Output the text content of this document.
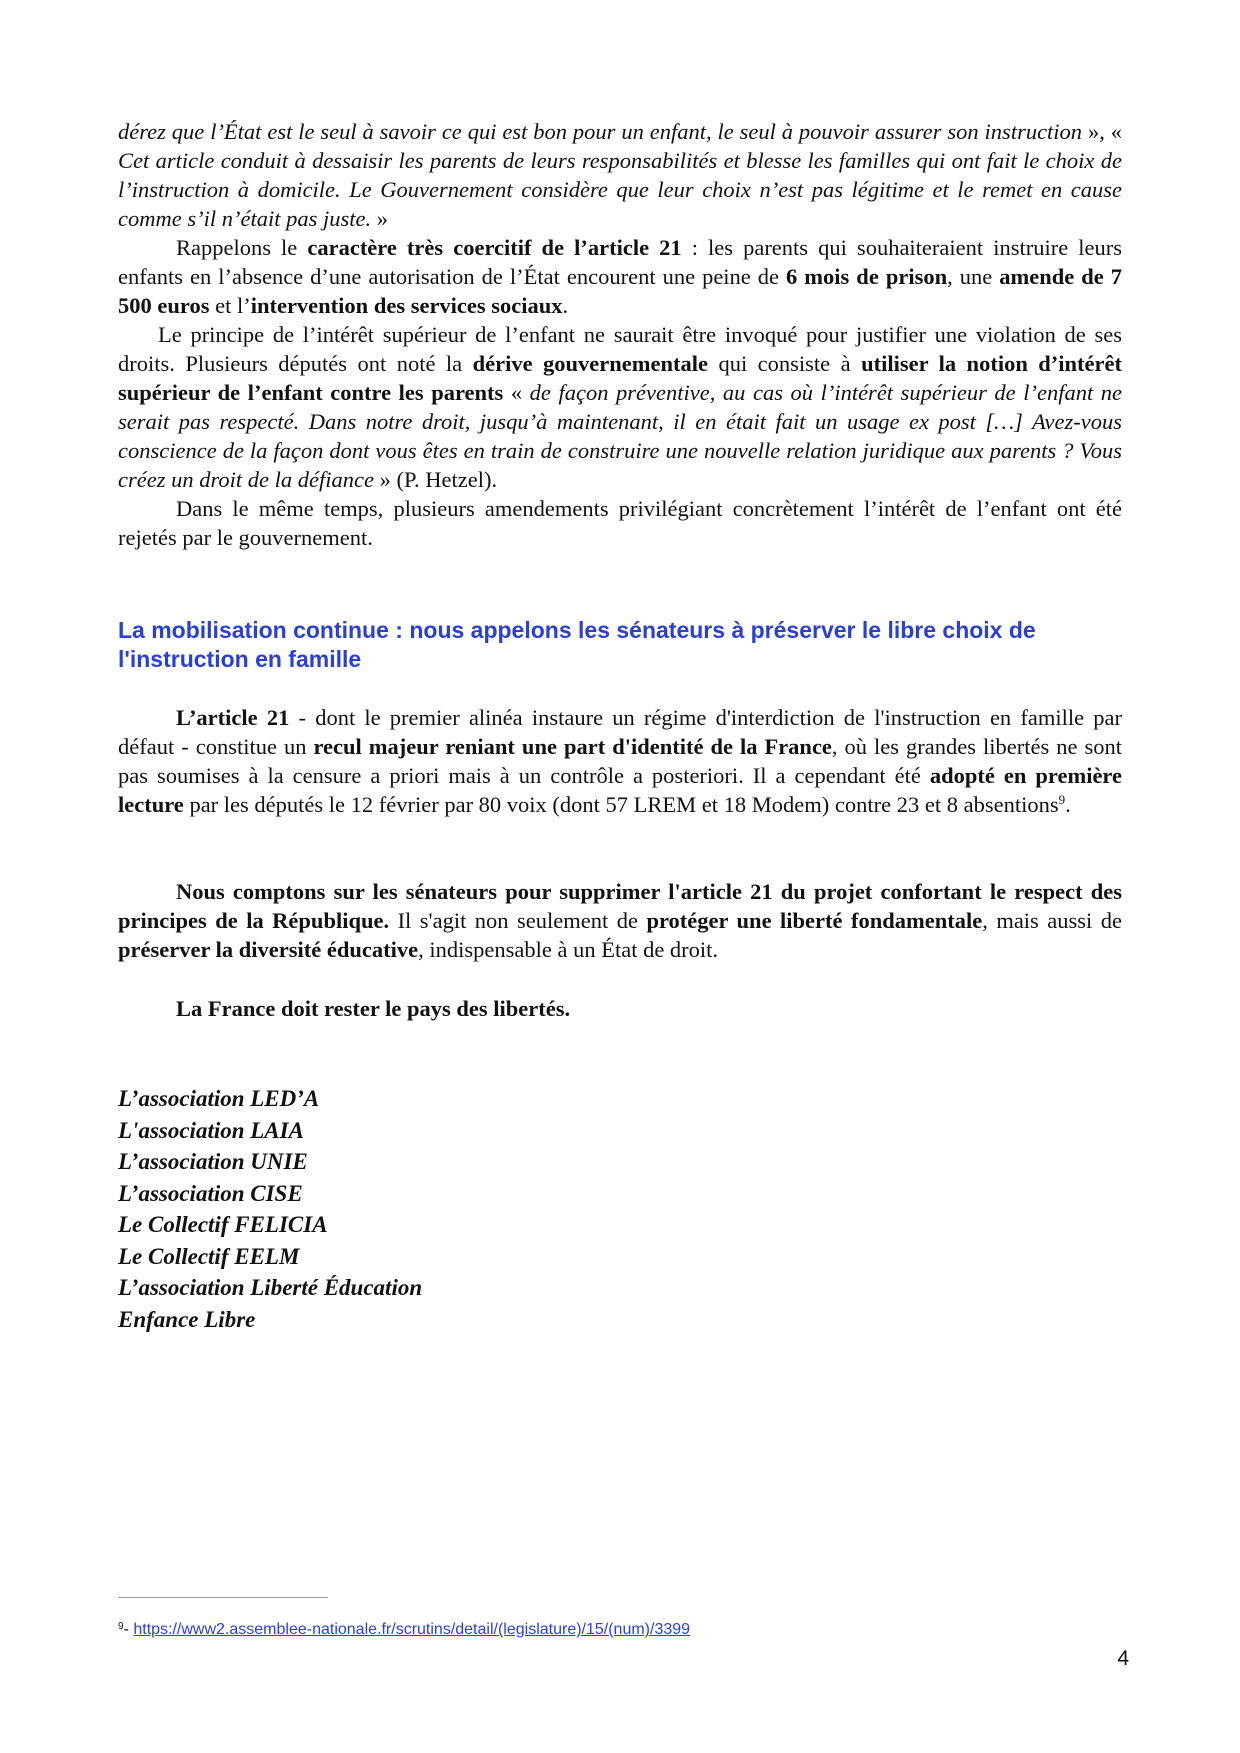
dérez que l’État est le seul à savoir ce qui est bon pour un enfant, le seul à pouvoir assurer son instruction », « Cet article conduit à dessaisir les parents de leurs responsabilités et blesse les familles qui ont fait le choix de l’instruction à domicile. Le Gouvernement considère que leur choix n’est pas légitime et le remet en cause comme s’il n’était pas juste. »

Rappelons le caractère très coercitif de l’article 21 : les parents qui souhaiteraient instruire leurs enfants en l’absence d’une autorisation de l’État encourent une peine de 6 mois de prison, une amende de 7 500 euros et l’intervention des services sociaux.

Le principe de l’intérêt supérieur de l’enfant ne saurait être invoqué pour justifier une violation de ses droits. Plusieurs députés ont noté la dérive gouvernementale qui consiste à utiliser la notion d’intérêt supérieur de l’enfant contre les parents « de façon préventive, au cas où l’intérêt supérieur de l’enfant ne serait pas respecté. Dans notre droit, jusqu’à maintenant, il en était fait un usage ex post […] Avez-vous conscience de la façon dont vous êtes en train de construire une nouvelle relation juridique aux parents ? Vous créez un droit de la défiance » (P. Hetzel).

Dans le même temps, plusieurs amendements privilégiant concrètement l’intérêt de l’enfant ont été rejetés par le gouvernement.

La mobilisation continue : nous appelons les sénateurs à préserver le libre choix de l'instruction en famille

L’article 21 - dont le premier alinéa instaure un régime d'interdiction de l'instruction en famille par défaut - constitue un recul majeur reniant une part d'identité de la France, où les grandes libertés ne sont pas soumises à la censure a priori mais à un contrôle a posteriori. Il a cependant été adopté en première lecture par les députés le 12 février par 80 voix (dont 57 LREM et 18 Modem) contre 23 et 8 absentions$^9$.

Nous comptons sur les sénateurs pour supprimer l'article 21 du projet confortant le respect des principes de la République. Il s'agit non seulement de protéger une liberté fondamentale, mais aussi de préserver la diversité éducative, indispensable à un État de droit.

La France doit rester le pays des libertés.

L’association LED’A
L'association LAIA
L’association UNIE
L’association CISE
Le Collectif FELICIA
Le Collectif EELM
L’association Liberté Éducation
Enfance Libre
$^9$- https://www2.assemblee-nationale.fr/scrutins/detail/(legislature)/15/(num)/3399
4
